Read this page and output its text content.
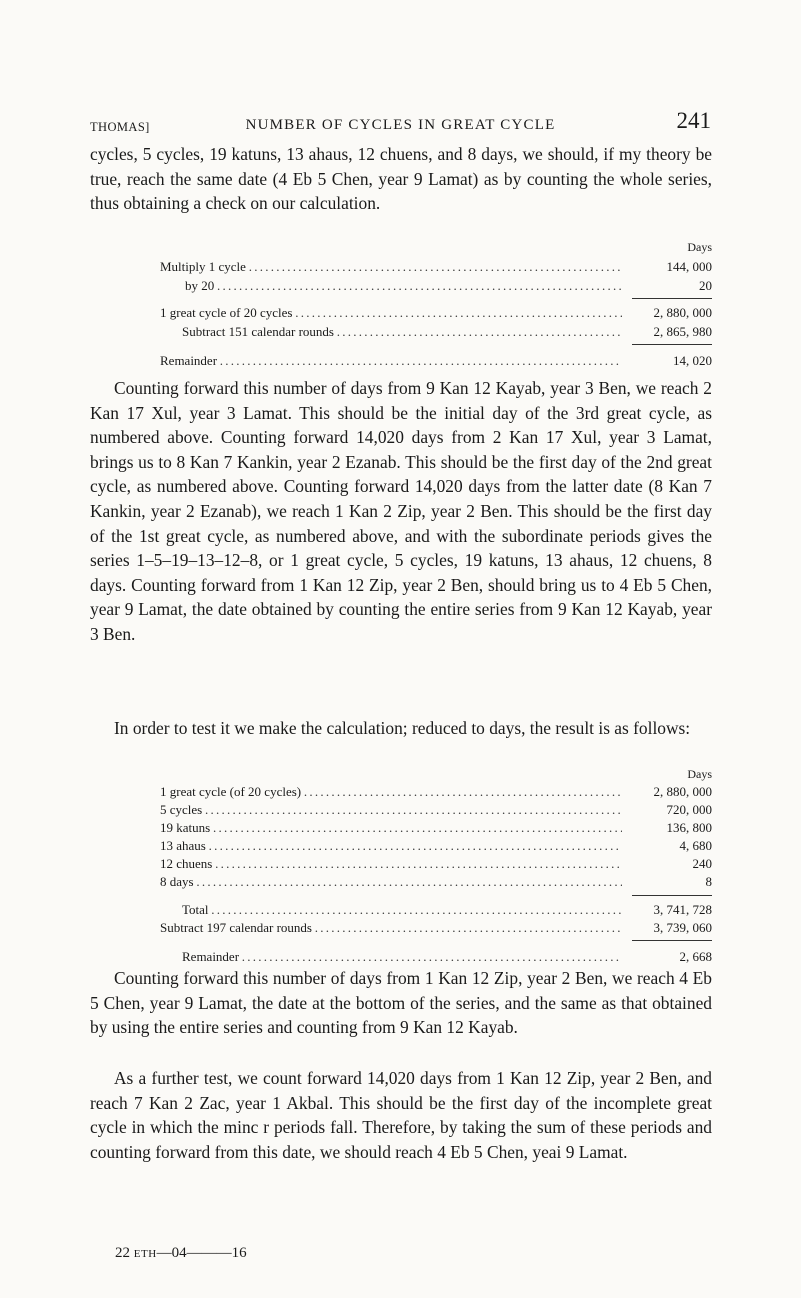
THOMAS]	NUMBER OF CYCLES IN GREAT CYCLE	241

cycles, 5 cycles, 19 katuns, 13 ahaus, 12 chuens, and 8 days, we should, if my theory be true, reach the same date (4 Eb 5 Chen, year 9 Lamat) as by counting the whole series, thus obtaining a check on our calculation.

Days
Multiply 1 cycle . . .	144, 000
by 20 . . .	20
1 great cycle of 20 cycles . . .	2, 880, 000
Subtract 151 calendar rounds . . .	2, 865, 980
Remainder . . .	14, 020

Counting forward this number of days from 9 Kan 12 Kayab, year 3 Ben, we reach 2 Kan 17 Xul, year 3 Lamat. This should be the initial day of the 3rd great cycle, as numbered above. Counting forward 14,020 days from 2 Kan 17 Xul, year 3 Lamat, brings us to 8 Kan 7 Kankin, year 2 Ezanab. This should be the first day of the 2nd great cycle, as numbered above. Counting forward 14,020 days from the latter date (8 Kan 7 Kankin, year 2 Ezanab), we reach 1 Kan 2 Zip, year 2 Ben. This should be the first day of the 1st great cycle, as numbered above, and with the subordinate periods gives the series 1–5–19–13–12–8, or 1 great cycle, 5 cycles, 19 katuns, 13 ahaus, 12 chuens, 8 days. Counting forward from 1 Kan 12 Zip, year 2 Ben, should bring us to 4 Eb 5 Chen, year 9 Lamat, the date obtained by counting the entire series from 9 Kan 12 Kayab, year 3 Ben.

In order to test it we make the calculation; reduced to days, the result is as follows:

Days
1 great cycle (of 20 cycles) . . .	2, 880, 000
5 cycles . . .	720, 000
19 katuns . . .	136, 800
13 ahaus . . .	4, 680
12 chuens . . .	240
8 days . . .	8
Total . . .	3, 741, 728
Subtract 197 calendar rounds . . .	3, 739, 060
Remainder . . .	2, 668

Counting forward this number of days from 1 Kan 12 Zip, year 2 Ben, we reach 4 Eb 5 Chen, year 9 Lamat, the date at the bottom of the series, and the same as that obtained by using the entire series and counting from 9 Kan 12 Kayab.

As a further test, we count forward 14,020 days from 1 Kan 12 Zip, year 2 Ben, and reach 7 Kan 2 Zac, year 1 Akbal. This should be the first day of the incomplete great cycle in which the minc r periods fall. Therefore, by taking the sum of these periods and counting forward from this date, we should reach 4 Eb 5 Chen, yeai 9 Lamat.

22 eth—04———16
